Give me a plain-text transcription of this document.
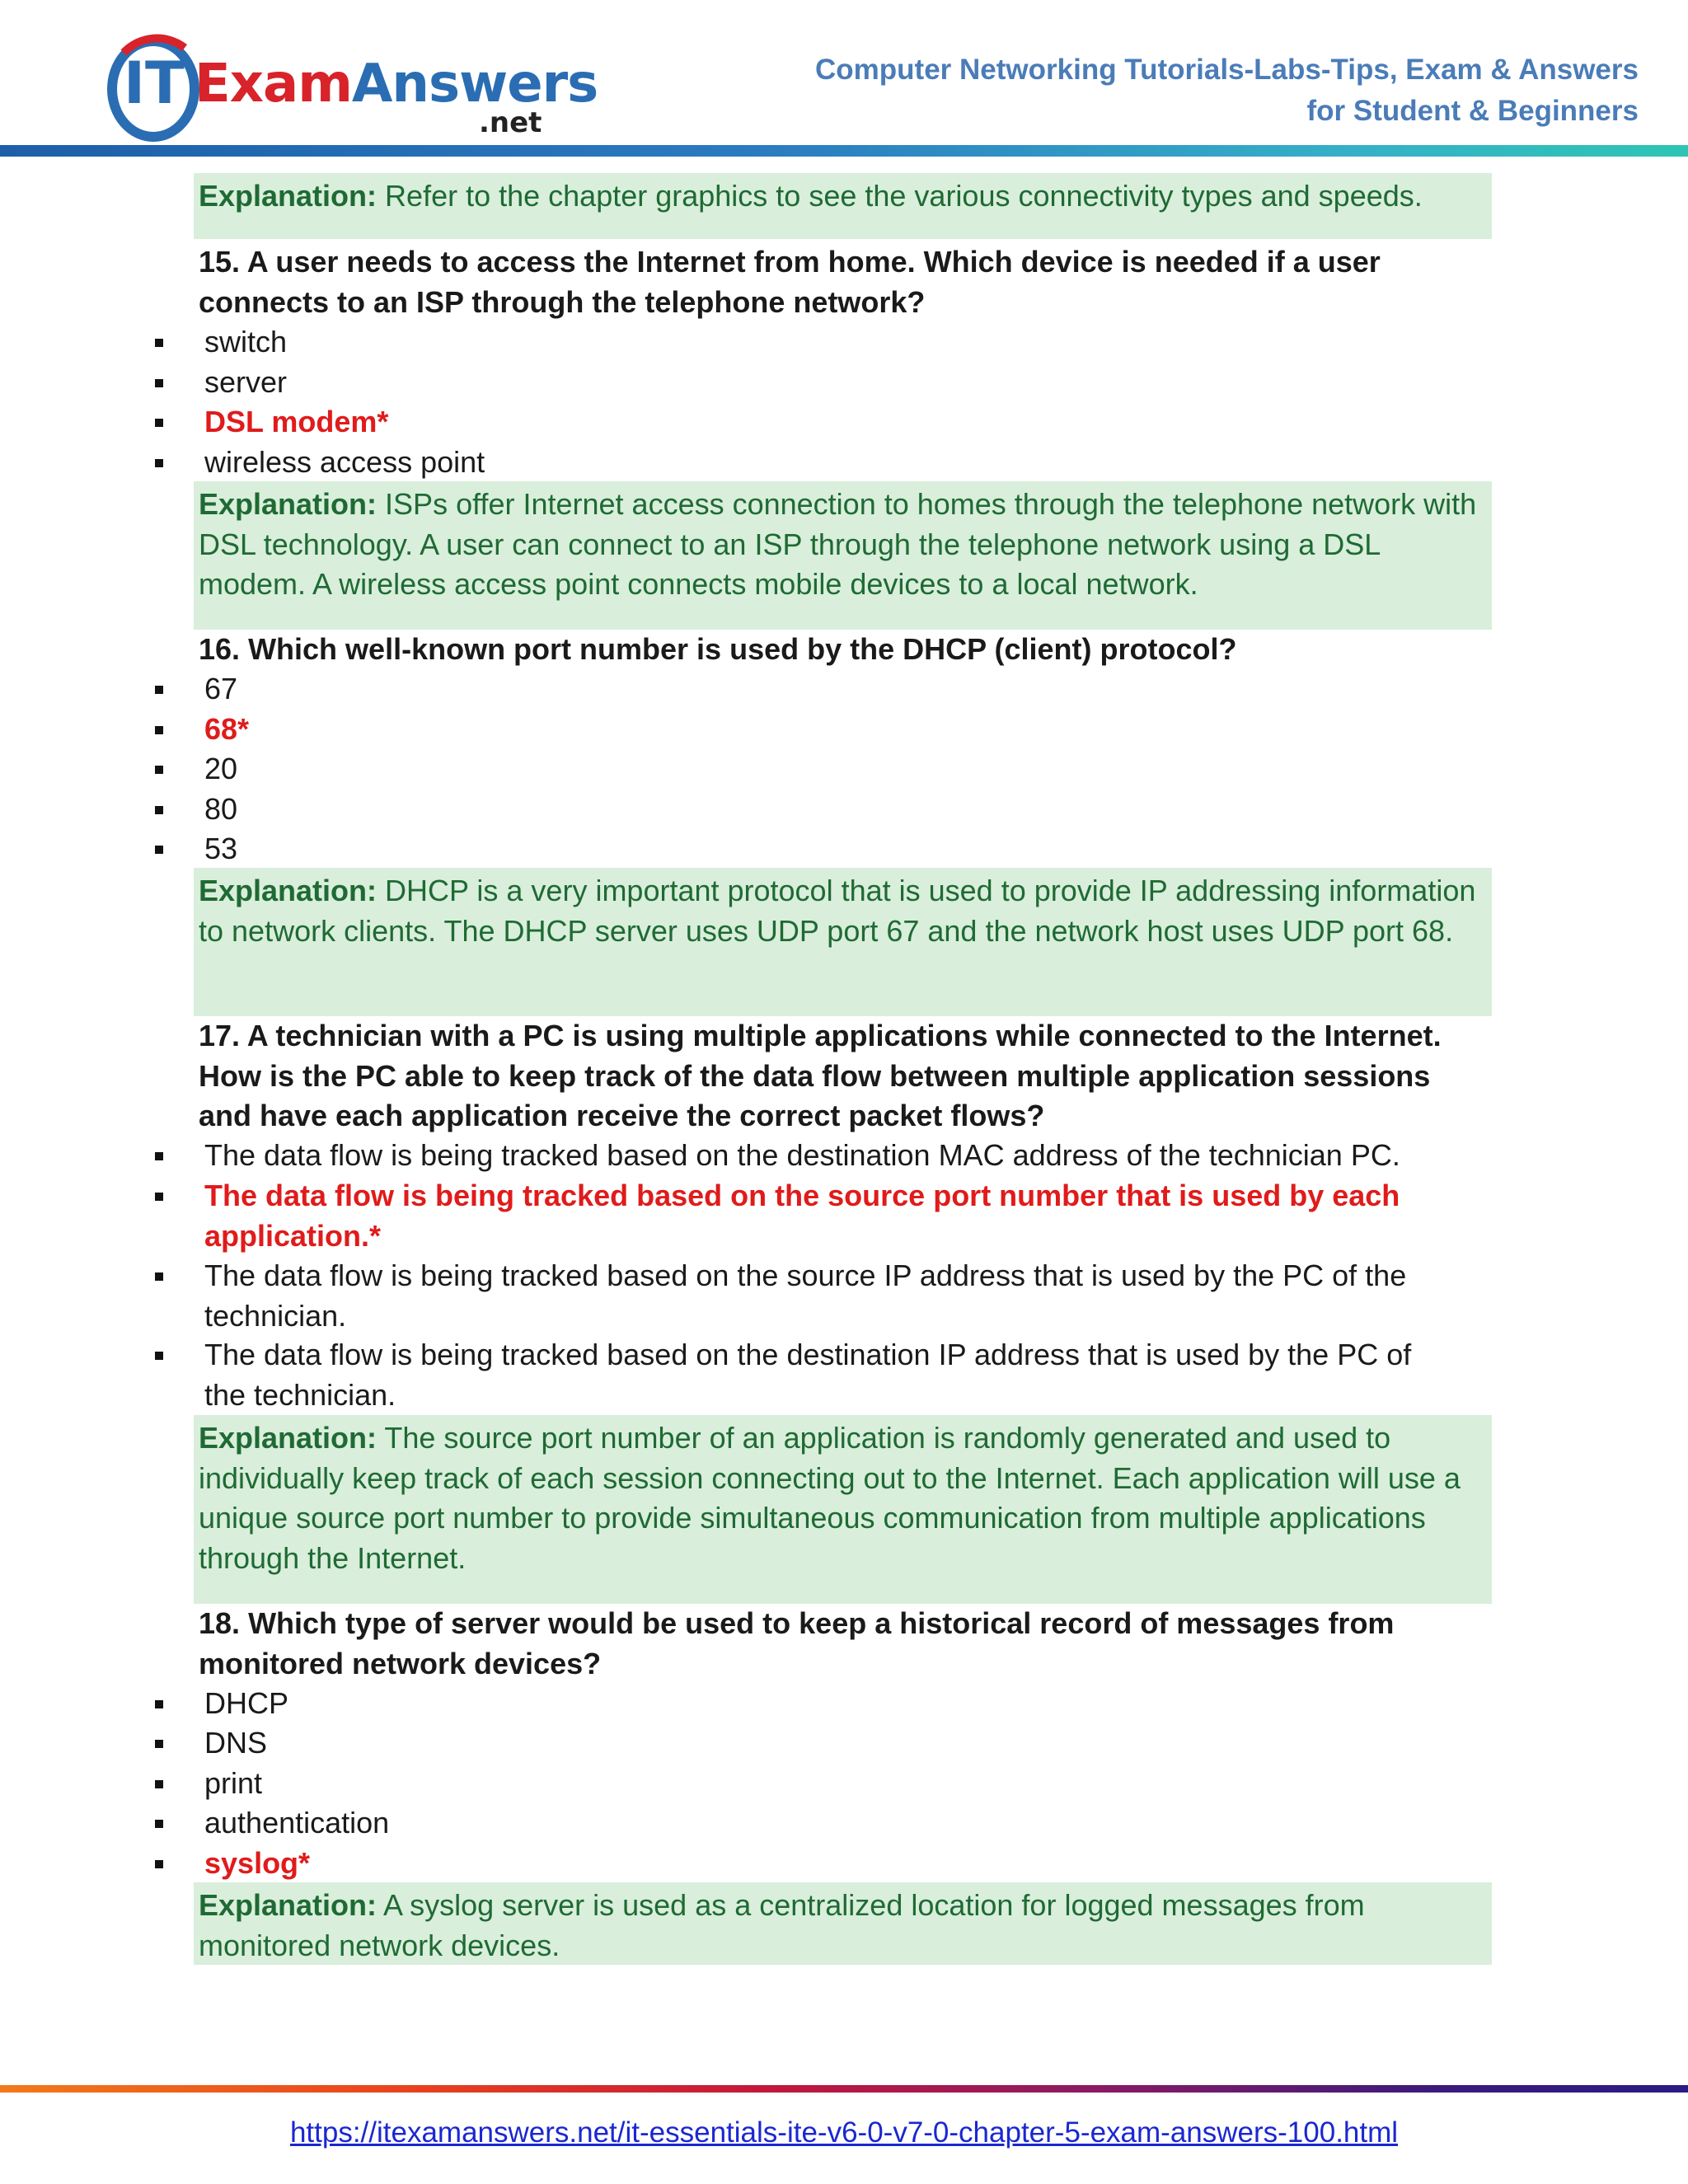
IT ExamAnswers
.net
Computer Networking Tutorials-Labs-Tips, Exam & Answers
for Student & Beginners
Explanation: Refer to the chapter graphics to see the various connectivity types and speeds.
15. A user needs to access the Internet from home. Which device is needed if a user connects to an ISP through the telephone network?
switch
server
DSL modem*
wireless access point
Explanation: ISPs offer Internet access connection to homes through the telephone network with DSL technology. A user can connect to an ISP through the telephone network using a DSL modem. A wireless access point connects mobile devices to a local network.
16. Which well-known port number is used by the DHCP (client) protocol?
67
68*
20
80
53
Explanation: DHCP is a very important protocol that is used to provide IP addressing information to network clients. The DHCP server uses UDP port 67 and the network host uses UDP port 68.
17. A technician with a PC is using multiple applications while connected to the Internet. How is the PC able to keep track of the data flow between multiple application sessions and have each application receive the correct packet flows?
The data flow is being tracked based on the destination MAC address of the technician PC.
The data flow is being tracked based on the source port number that is used by each application.*
The data flow is being tracked based on the source IP address that is used by the PC of the technician.
The data flow is being tracked based on the destination IP address that is used by the PC of the technician.
Explanation: The source port number of an application is randomly generated and used to individually keep track of each session connecting out to the Internet. Each application will use a unique source port number to provide simultaneous communication from multiple applications through the Internet.
18. Which type of server would be used to keep a historical record of messages from monitored network devices?
DHCP
DNS
print
authentication
syslog*
Explanation: A syslog server is used as a centralized location for logged messages from monitored network devices.
https://itexamanswers.net/it-essentials-ite-v6-0-v7-0-chapter-5-exam-answers-100.html
